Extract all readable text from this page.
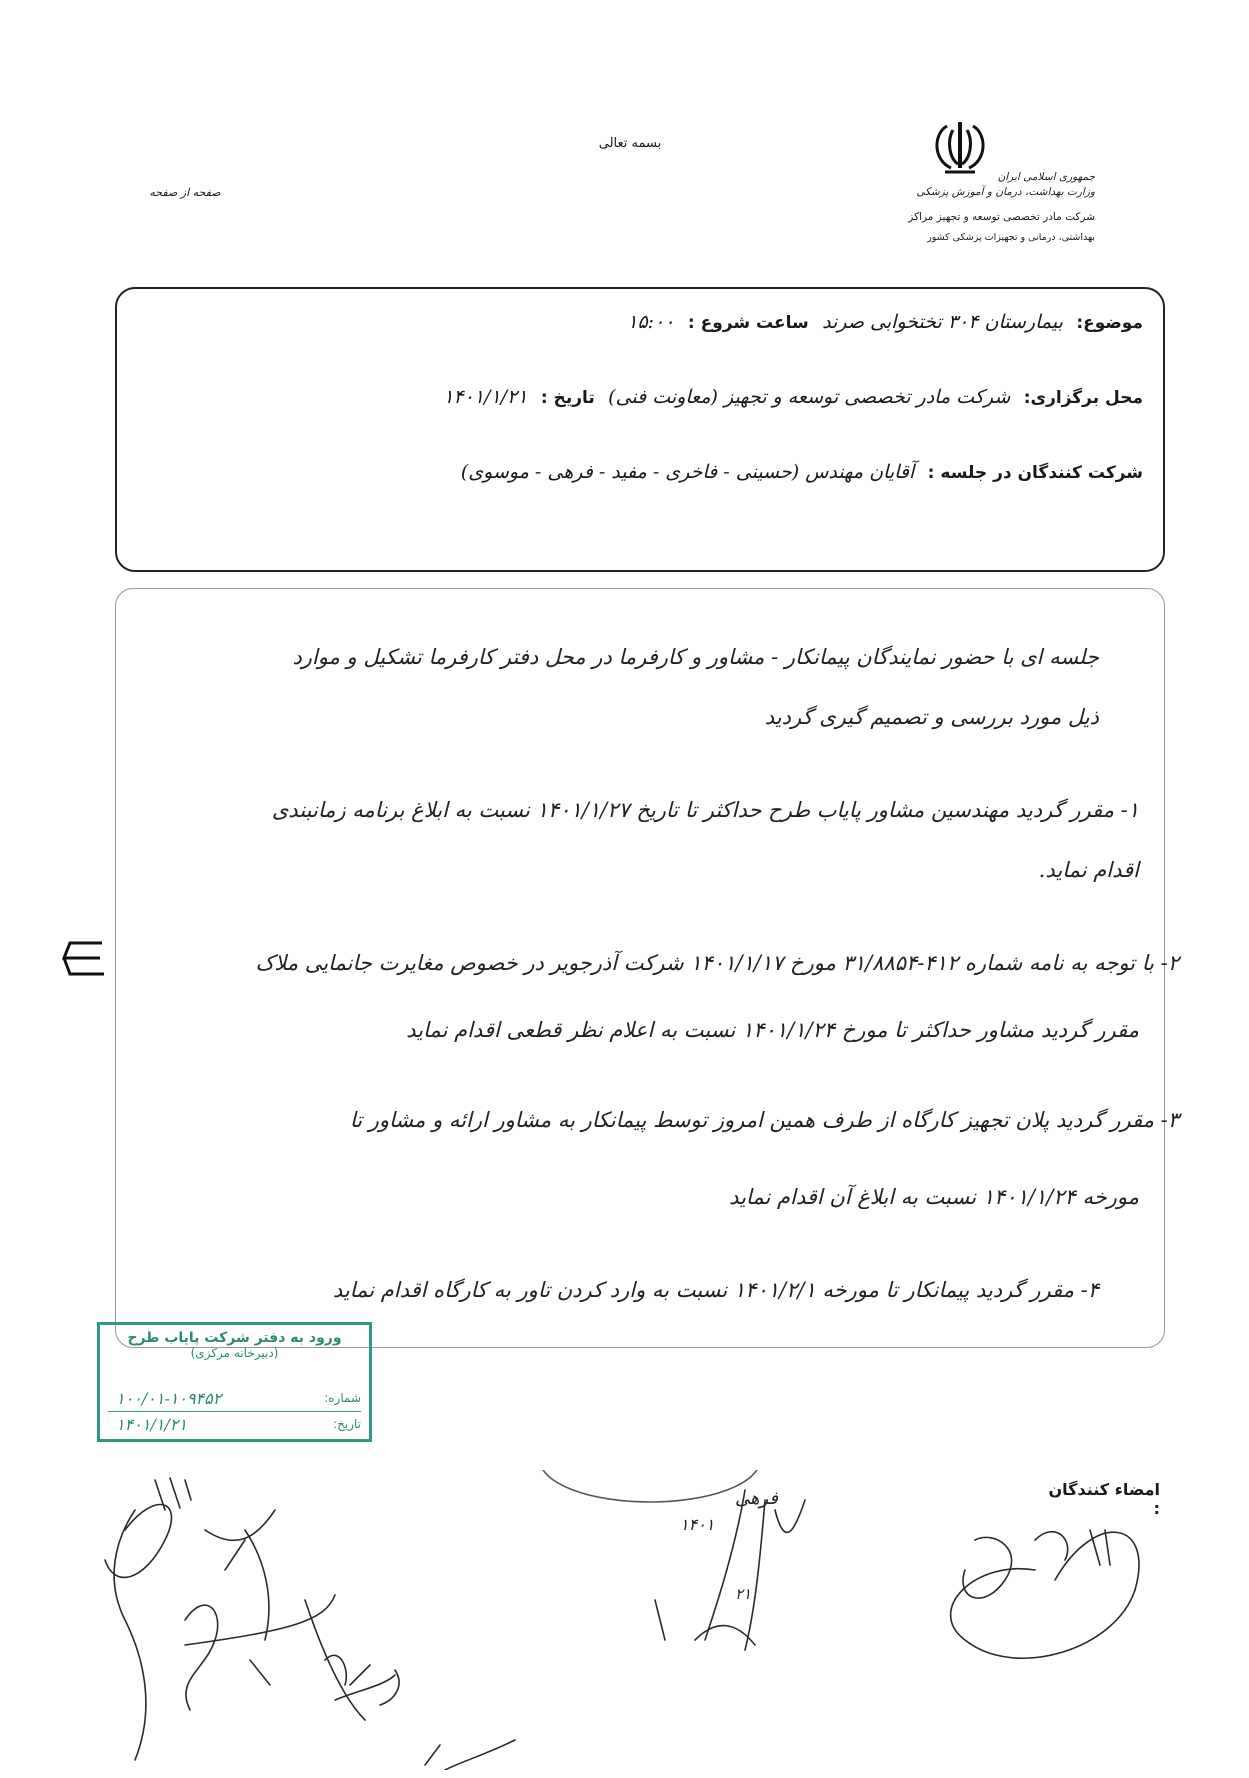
بسمه تعالی
صفحه از صفحه
جمهوری اسلامی ایران
وزارت بهداشت، درمان و آموزش پزشکی
شرکت مادر تخصصی توسعه و تجهیز مراکز
بهداشتی، درمانی و تجهیزات پزشکی کشور
موضوع: بیمارستان ۳۰۴ تختخوابی صرند ساعت شروع : ۱۵:۰۰
محل برگزاری: شرکت مادر تخصصی توسعه و تجهیز (معاونت فنی) تاریخ : ۱۴۰۱/۱/۲۱
شرکت کنندگان در جلسه : آقایان مهندس (حسینی - فاخری - مفید - فرهی - موسوی)
جلسه ای با حضور نمایندگان پیمانکار - مشاور و کارفرما در محل دفتر کارفرما تشکیل و موارد
ذیل مورد بررسی و تصمیم گیری گردید
۱- مقرر گردید مهندسین مشاور پایاب طرح حداکثر تا تاریخ ۱۴۰۱/۱/۲۷ نسبت به ابلاغ برنامه زمانبندی
اقدام نماید.
۲- با توجه به نامه شماره ۴۱۲-۳۱/۸۸۵۴ مورخ ۱۴۰۱/۱/۱۷ شرکت آذرجویر در خصوص مغایرت جانمایی ملاک
مقرر گردید مشاور حداکثر تا مورخ ۱۴۰۱/۱/۲۴ نسبت به اعلام نظر قطعی اقدام نماید
۳- مقرر گردید پلان تجهیز کارگاه از طرف همین امروز توسط پیمانکار به مشاور ارائه و مشاور تا
مورخه ۱۴۰۱/۱/۲۴ نسبت به ابلاغ آن اقدام نماید
۴- مقرر گردید پیمانکار تا مورخه ۱۴۰۱/۲/۱ نسبت به وارد کردن تاور به کارگاه اقدام نماید
ورود به دفتر شرکت پایاب طرح
(دبیرخانه مرکزی)
شماره:
۱۰۰/۰۱-۱۰۹۴۵۲
تاریخ:
۱۴۰۱/۱/۲۱
امضاء کنندگان :
فرهی
۱۴۰۱
۲۱
